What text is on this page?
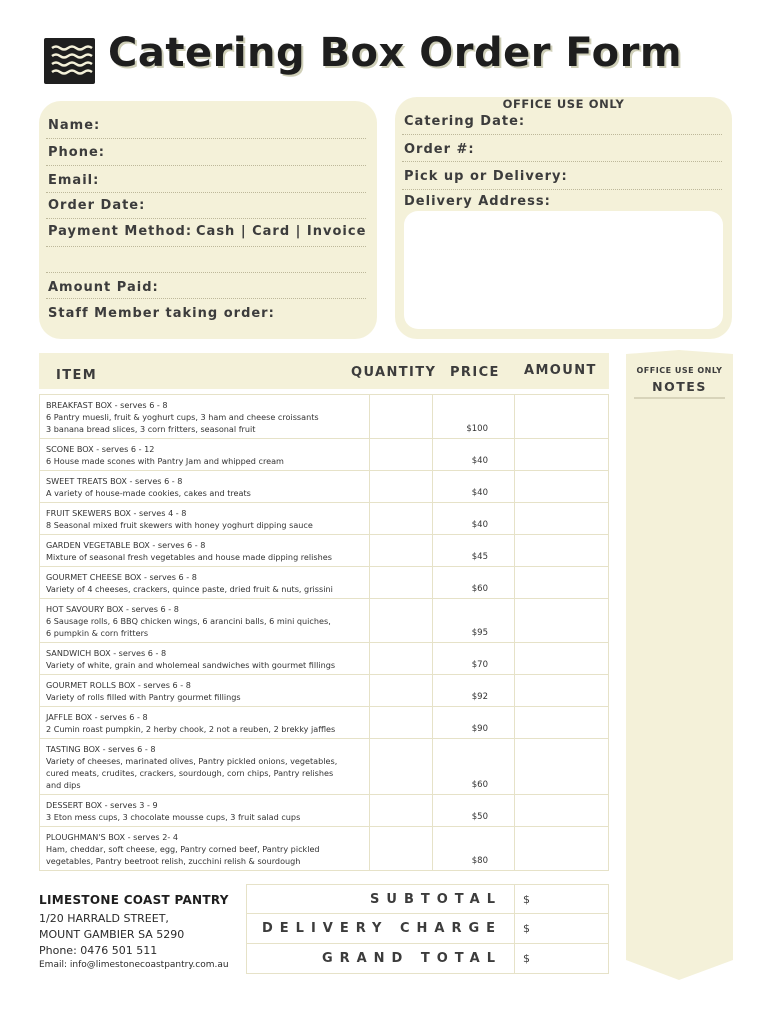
Catering Box Order Form
Name:
Phone:
Email:
Order Date:
Payment Method: Cash | Card | Invoice
Amount Paid:
Staff Member taking order:
OFFICE USE ONLY
Catering Date:
Order #:
Pick up or Delivery:
Delivery Address:
ITEM	QUANTITY PRICE AMOUNT
BREAKFAST BOX - serves 6 - 8
6 Pantry muesli, fruit & yoghurt cups, 3 ham and cheese croissants
3 banana bread slices, 3 corn fritters, seasonal fruit	$100
SCONE BOX - serves 6 - 12
6 House made scones with Pantry Jam and whipped cream	$40
SWEET TREATS BOX - serves 6 - 8
A variety of house-made cookies, cakes and treats	$40
FRUIT SKEWERS BOX - serves 4 - 8
8 Seasonal mixed fruit skewers with honey yoghurt dipping sauce	$40
GARDEN VEGETABLE BOX - serves 6 - 8
Mixture of seasonal fresh vegetables and house made dipping relishes	$45
GOURMET CHEESE BOX - serves 6 - 8
Variety of 4 cheeses, crackers, quince paste, dried fruit & nuts, grissini	$60
HOT SAVOURY BOX - serves 6 - 8
6 Sausage rolls, 6 BBQ chicken wings, 6 arancini balls, 6 mini quiches,
6 pumpkin & corn fritters	$95
SANDWICH BOX - serves 6 - 8
Variety of white, grain and wholemeal sandwiches with gourmet fillings	$70
GOURMET ROLLS BOX - serves 6 - 8
Variety of rolls filled with Pantry gourmet fillings	$92
JAFFLE BOX - serves 6 - 8
2 Cumin roast pumpkin, 2 herby chook, 2 not a reuben, 2 brekky jaffles	$90
TASTING BOX - serves 6 - 8
Variety of cheeses, marinated olives, Pantry pickled onions, vegetables,
cured meats, crudites, crackers, sourdough, corn chips, Pantry relishes
and dips	$60
DESSERT BOX - serves 3 - 9
3 Eton mess cups, 3 chocolate mousse cups, 3 fruit salad cups	$50
PLOUGHMAN'S BOX - serves 2- 4
Ham, cheddar, soft cheese, egg, Pantry corned beef, Pantry pickled
vegetables, Pantry beetroot relish, zucchini relish & sourdough	$80
SUBTOTAL	$
DELIVERY CHARGE	$
GRAND TOTAL	$
LIMESTONE COAST PANTRY
1/20 HARRALD STREET,
MOUNT GAMBIER SA 5290
Phone: 0476 501 511
Email: info@limestonecoastpantry.com.au
OFFICE USE ONLY
NOTES
